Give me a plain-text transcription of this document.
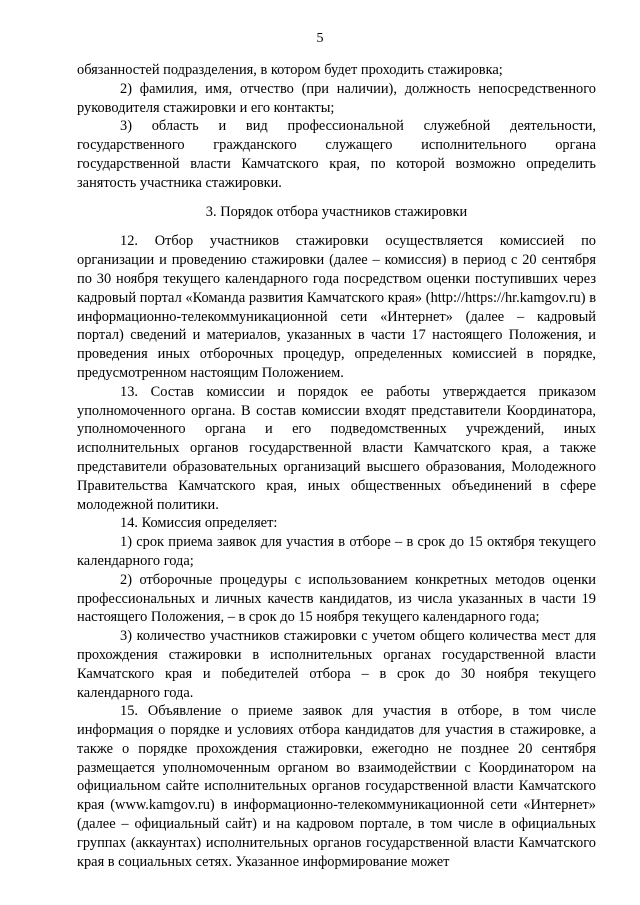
5

обязанностей подразделения, в котором будет проходить стажировка;

2) фамилия, имя, отчество (при наличии), должность непосредственного руководителя стажировки и его контакты;

3) область и вид профессиональной служебной деятельности, государственного гражданского служащего исполнительного органа государственной власти Камчатского края, по которой возможно определить занятость участника стажировки.

3. Порядок отбора участников стажировки

12. Отбор участников стажировки осуществляется комиссией по организации и проведению стажировки (далее – комиссия) в период с 20 сентября по 30 ноября текущего календарного года посредством оценки поступивших через кадровый портал «Команда развития Камчатского края» (http://https://hr.kamgov.ru) в информационно-телекоммуникационной сети «Интернет» (далее – кадровый портал) сведений и материалов, указанных в части 17 настоящего Положения, и проведения иных отборочных процедур, определенных комиссией в порядке, предусмотренном настоящим Положением.

13. Состав комиссии и порядок ее работы утверждается приказом уполномоченного органа. В состав комиссии входят представители Координатора, уполномоченного органа и его подведомственных учреждений, иных исполнительных органов государственной власти Камчатского края, а также представители образовательных организаций высшего образования, Молодежного Правительства Камчатского края, иных общественных объединений в сфере молодежной политики.

14. Комиссия определяет:

1) срок приема заявок для участия в отборе – в срок до 15 октября текущего календарного года;

2) отборочные процедуры с использованием конкретных методов оценки профессиональных и личных качеств кандидатов, из числа указанных в части 19 настоящего Положения, – в срок до 15 ноября текущего календарного года;

3) количество участников стажировки с учетом общего количества мест для прохождения стажировки в исполнительных органах государственной власти Камчатского края и победителей отбора – в срок до 30 ноября текущего календарного года.

15. Объявление о приеме заявок для участия в отборе, в том числе информация о порядке и условиях отбора кандидатов для участия в стажировке, а также о порядке прохождения стажировки, ежегодно не позднее 20 сентября размещается уполномоченным органом во взаимодействии с Координатором на официальном сайте исполнительных органов государственной власти Камчатского края (www.kamgov.ru) в информационно-телекоммуникационной сети «Интернет» (далее – официальный сайт) и на кадровом портале, в том числе в официальных группах (аккаунтах) исполнительных органов государственной власти Камчатского края в социальных сетях. Указанное информирование может
